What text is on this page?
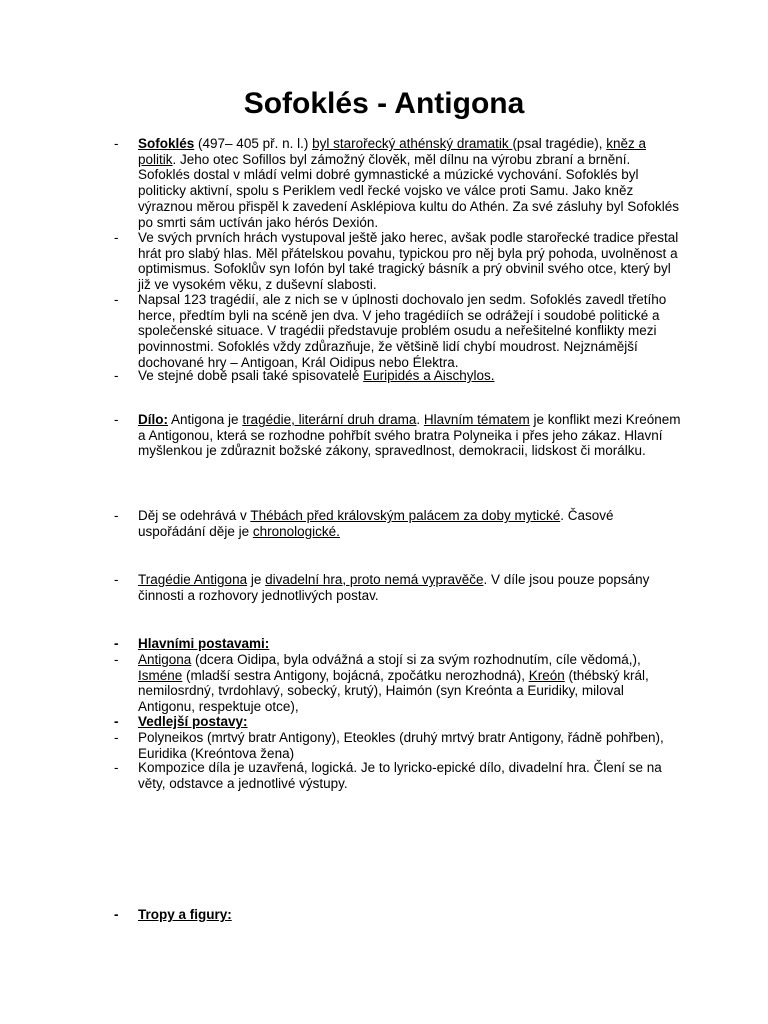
Sofoklés - Antigona
- Sofoklés (497– 405 př. n. l.) byl starořecký athénský dramatik (psal tragédie), kněz a politik. Jeho otec Sofillos byl zámožný člověk, měl dílnu na výrobu zbraní a brnění. Sofoklés dostal v mládí velmi dobré gymnastické a múzické vychování. Sofoklés byl politicky aktivní, spolu s Periklem vedl řecké vojsko ve válce proti Samu. Jako kněz výraznou měrou přispěl k zavedení Asklépiova kultu do Athén. Za své zásluhy byl Sofoklés po smrti sám uctíván jako hérós Dexión.
- Ve svých prvních hrách vystupoval ještě jako herec, avšak podle starořecké tradice přestal hrát pro slabý hlas. Měl přátelskou povahu, typickou pro něj byla prý pohoda, uvolněnost a optimismus. Sofoklův syn Iofón byl také tragický básník a prý obvinil svého otce, který byl již ve vysokém věku, z duševní slabosti.
- Napsal 123 tragédií, ale z nich se v úplnosti dochovalo jen sedm. Sofoklés zavedl třetího herce, předtím byli na scéně jen dva. V jeho tragédiích se odrážejí i soudobé politické a společenské situace. V tragédii představuje problém osudu a neřešitelné konflikty mezi povinnostmi. Sofoklés vždy zdůrazňuje, že většině lidí chybí moudrost. Nejznámější dochované hry – Antigoan, Král Oidipus nebo Élektra.
- Ve stejné době psali také spisovatelé Euripidés a Aischylos.
- Dílo: Antigona je tragédie, literární druh drama. Hlavním tématem je konflikt mezi Kreónem a Antigonou, která se rozhodne pohřbít svého bratra Polyneika i přes jeho zákaz. Hlavní myšlenkou je zdůraznit božské zákony, spravedlnost, demokracii, lidskost či morálku.
- Děj se odehrává v Thébách před královským palácem za doby mytické. Časové uspořádání děje je chronologické.
- Tragédie Antigona je divadelní hra, proto nemá vypravěče. V díle jsou pouze popsány činnosti a rozhovory jednotlivých postav.
- Hlavními postavami:
- Antigona (dcera Oidipa, byla odvážná a stojí si za svým rozhodnutím, cíle vědomá,), Isméne (mladší sestra Antigony, bojácná, zpočátku nerozhodná), Kreón (thébský král, nemilosrdný, tvrdohlavý, sobecký, krutý), Haimón (syn Kreónta a Euridiky, miloval Antigonu, respektuje otce),
- Vedlejší postavy:
- Polyneikos (mrtvý bratr Antigony), Eteokles (druhý mrtvý bratr Antigony, řádně pohřben), Euridika (Kreóntova žena)
- Kompozice díla je uzavřená, logická. Je to lyricko-epické dílo, divadelní hra. Člení se na věty, odstavce a jednotlivé výstupy.
- Tropy a figury:
